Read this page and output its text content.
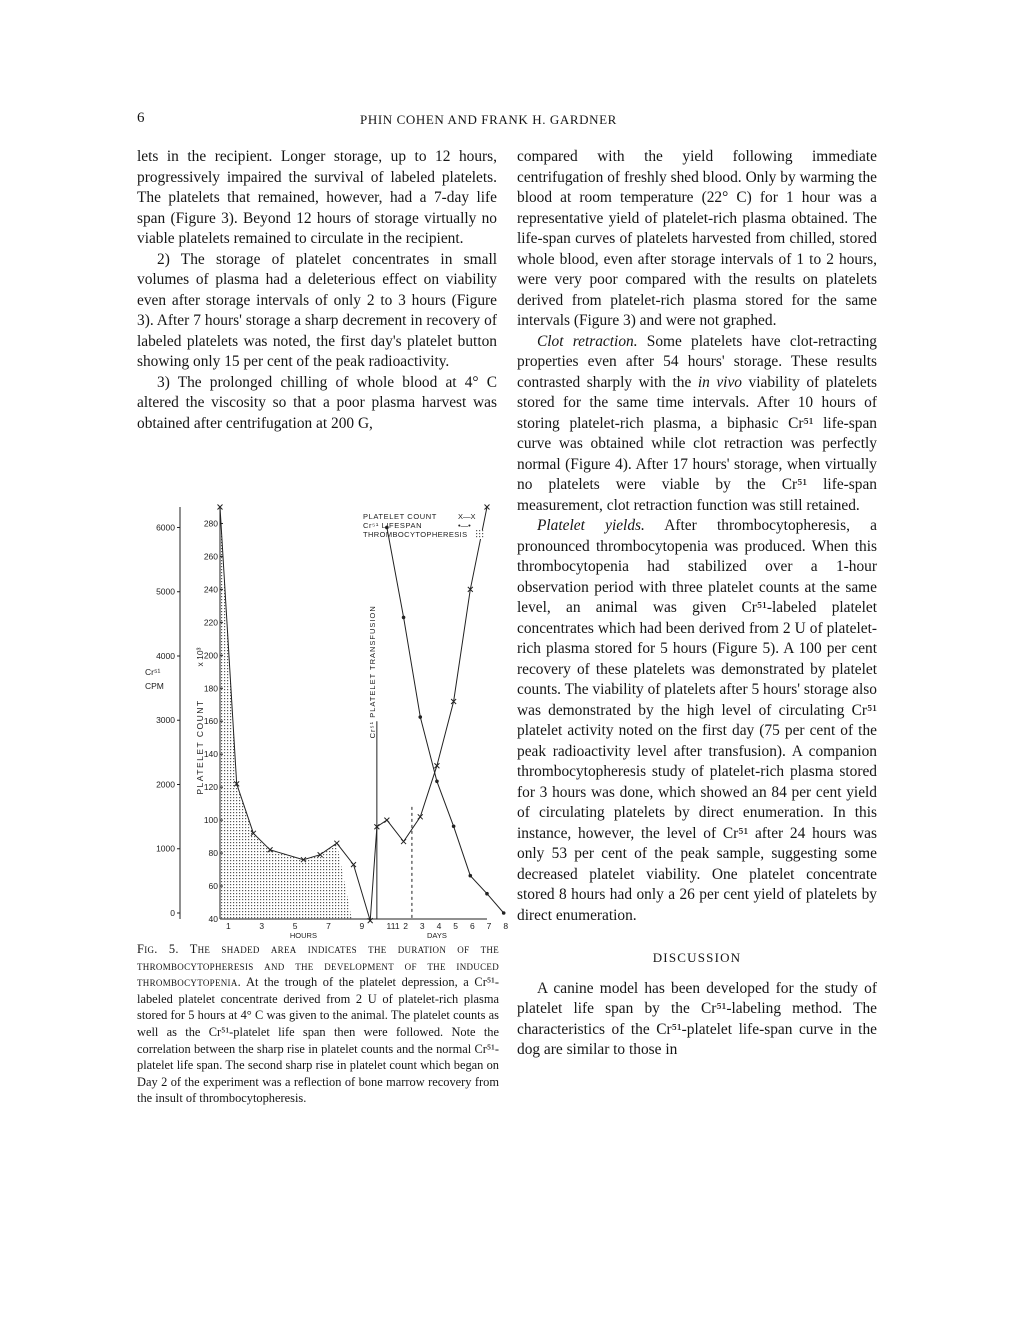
6	PHIN COHEN AND FRANK H. GARDNER

lets in the recipient. Longer storage, up to 12 hours, progressively impaired the survival of labeled platelets. The platelets that remained, however, had a 7-day life span (Figure 3). Beyond 12 hours of storage virtually no viable platelets remained to circulate in the recipient.

2) The storage of platelet concentrates in small volumes of plasma had a deleterious effect on viability even after storage intervals of only 2 to 3 hours (Figure 3). After 7 hours' storage a sharp decrement in recovery of labeled platelets was noted, the first day's platelet button showing only 15 per cent of the peak radioactivity.

3) The prolonged chilling of whole blood at 4° C altered the viscosity so that a poor plasma harvest was obtained after centrifugation at 200 G,

0
1000
2000
3000
4000
5000
6000
40
60
80
100
120
140
160
180
200
220
240
260
280
1	3	5	7	9	11
1 2 3 4 5 6 7 8
HOURS	DAYS
Cr⁵¹
CPM
PLATELET COUNT
x 10³	Cr⁵¹ PLATELET TRANSFUSION
PLATELET COUNT	X—X
Cr⁵¹ LIFESPAN	•—•
THROMBOCYTOPHERESIS
Fig. 5. The shaded area indicates the duration of the thrombocytopheresis and the development of the induced thrombocytopenia. At the trough of the platelet depression, a Cr⁵¹-labeled platelet concentrate derived from 2 U of platelet-rich plasma stored for 5 hours at 4° C was given to the animal. The platelet counts as well as the Cr⁵¹-platelet life span then were followed. Note the correlation between the sharp rise in platelet counts and the normal Cr⁵¹-platelet life span. The second sharp rise in platelet count which began on Day 2 of the experiment was a reflection of bone marrow recovery from the insult of thrombocytopheresis.

compared with the yield following immediate centrifugation of freshly shed blood. Only by warming the blood at room temperature (22° C) for 1 hour was a representative yield of platelet-rich plasma obtained. The life-span curves of platelets harvested from chilled, stored whole blood, even after storage intervals of 1 to 2 hours, were very poor compared with the results on platelets derived from platelet-rich plasma stored for the same intervals (Figure 3) and were not graphed.

Clot retraction. Some platelets have clot-retracting properties even after 54 hours' storage. These results contrasted sharply with the in vivo viability of platelets stored for the same time intervals. After 10 hours of storing platelet-rich plasma, a biphasic Cr⁵¹ life-span curve was obtained while clot retraction was perfectly normal (Figure 4). After 17 hours' storage, when virtually no platelets were viable by the Cr⁵¹ life-span measurement, clot retraction function was still retained.

Platelet yields. After thrombocytopheresis, a pronounced thrombocytopenia was produced. When this thrombocytopenia had stabilized over a 1-hour observation period with three platelet counts at the same level, an animal was given Cr⁵¹-labeled platelet concentrates which had been derived from 2 U of platelet-rich plasma stored for 5 hours (Figure 5). A 100 per cent recovery of these platelets was demonstrated by platelet counts. The viability of platelets after 5 hours' storage also was demonstrated by the high level of circulating Cr⁵¹ platelet activity noted on the first day (75 per cent of the peak radioactivity level after transfusion). A companion thrombocytopheresis study of platelet-rich plasma stored for 3 hours was done, which showed an 84 per cent yield of circulating platelets by direct enumeration. In this instance, however, the level of Cr⁵¹ after 24 hours was only 53 per cent of the peak sample, suggesting some decreased platelet viability. One platelet concentrate stored 8 hours had only a 26 per cent yield of platelets by direct enumeration.

DISCUSSION

A canine model has been developed for the study of platelet life span by the Cr⁵¹-labeling method. The characteristics of the Cr⁵¹-platelet life-span curve in the dog are similar to those in
